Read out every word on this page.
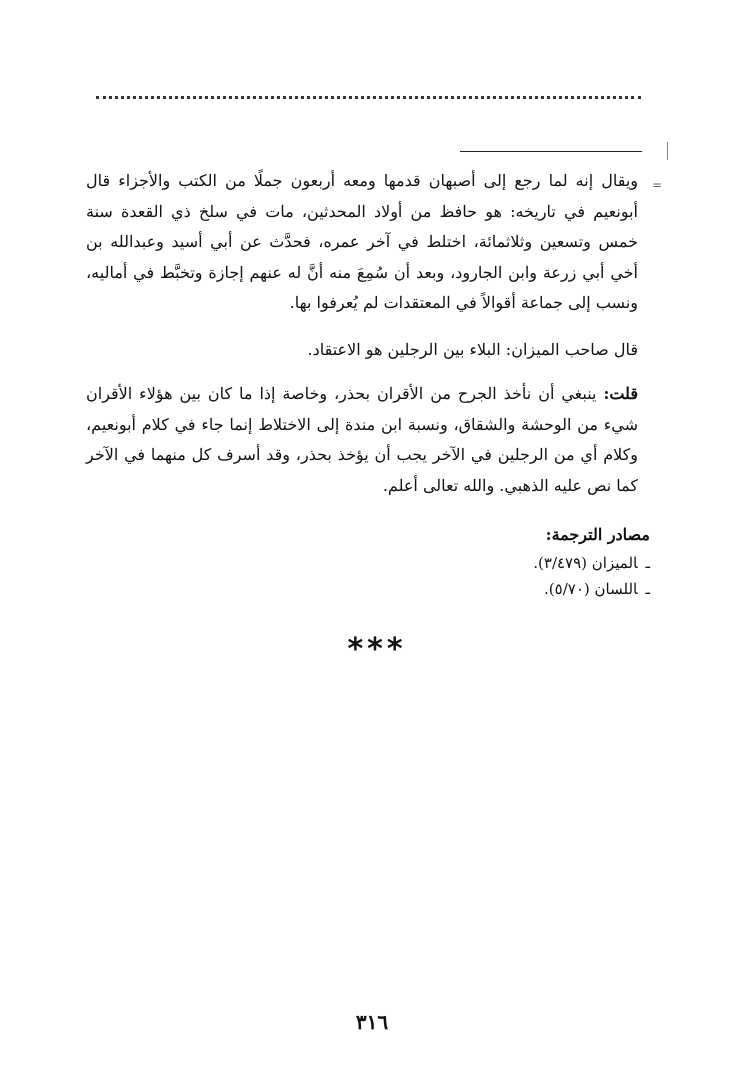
=

ويقال إنه لما رجع إلى أصبهان قدمها ومعه أربعون جملًا من الكتب والأجزاء قال أبونعيم في تاريخه: هو حافظ من أولاد المحدثين، مات في سلخ ذي القعدة سنة خمس وتسعين وثلاثمائة، اختلط في آخر عمره، فحدَّث عن أبي أسيد وعبدالله بن أخي أبي زرعة وابن الجارود، وبعد أن سُمِعَ منه أنَّ له عنهم إجازة وتخبَّط في أماليه، ونسب إلى جماعة أقوالاً في المعتقدات لم يُعرفوا بها.

قال صاحب الميزان: البلاء بين الرجلين هو الاعتقاد.

قلت: ينبغي أن نأخذ الجرح من الأقران بحذر، وخاصة إذا ما كان بين هؤلاء الأقران شيء من الوحشة والشقاق، ونسبة ابن مندة إلى الاختلاط إنما جاء في كلام أبونعيم، وكلام أي من الرجلين في الآخر يجب أن يؤخذ بحذر، وقد أسرف كل منهما في الآخر كما نص عليه الذهبي. والله تعالى أعلم.

مصادر الترجمة:

ـالميزان (٣/٤٧٩).
ـاللسان (٥/٧٠).
***
٣١٦
